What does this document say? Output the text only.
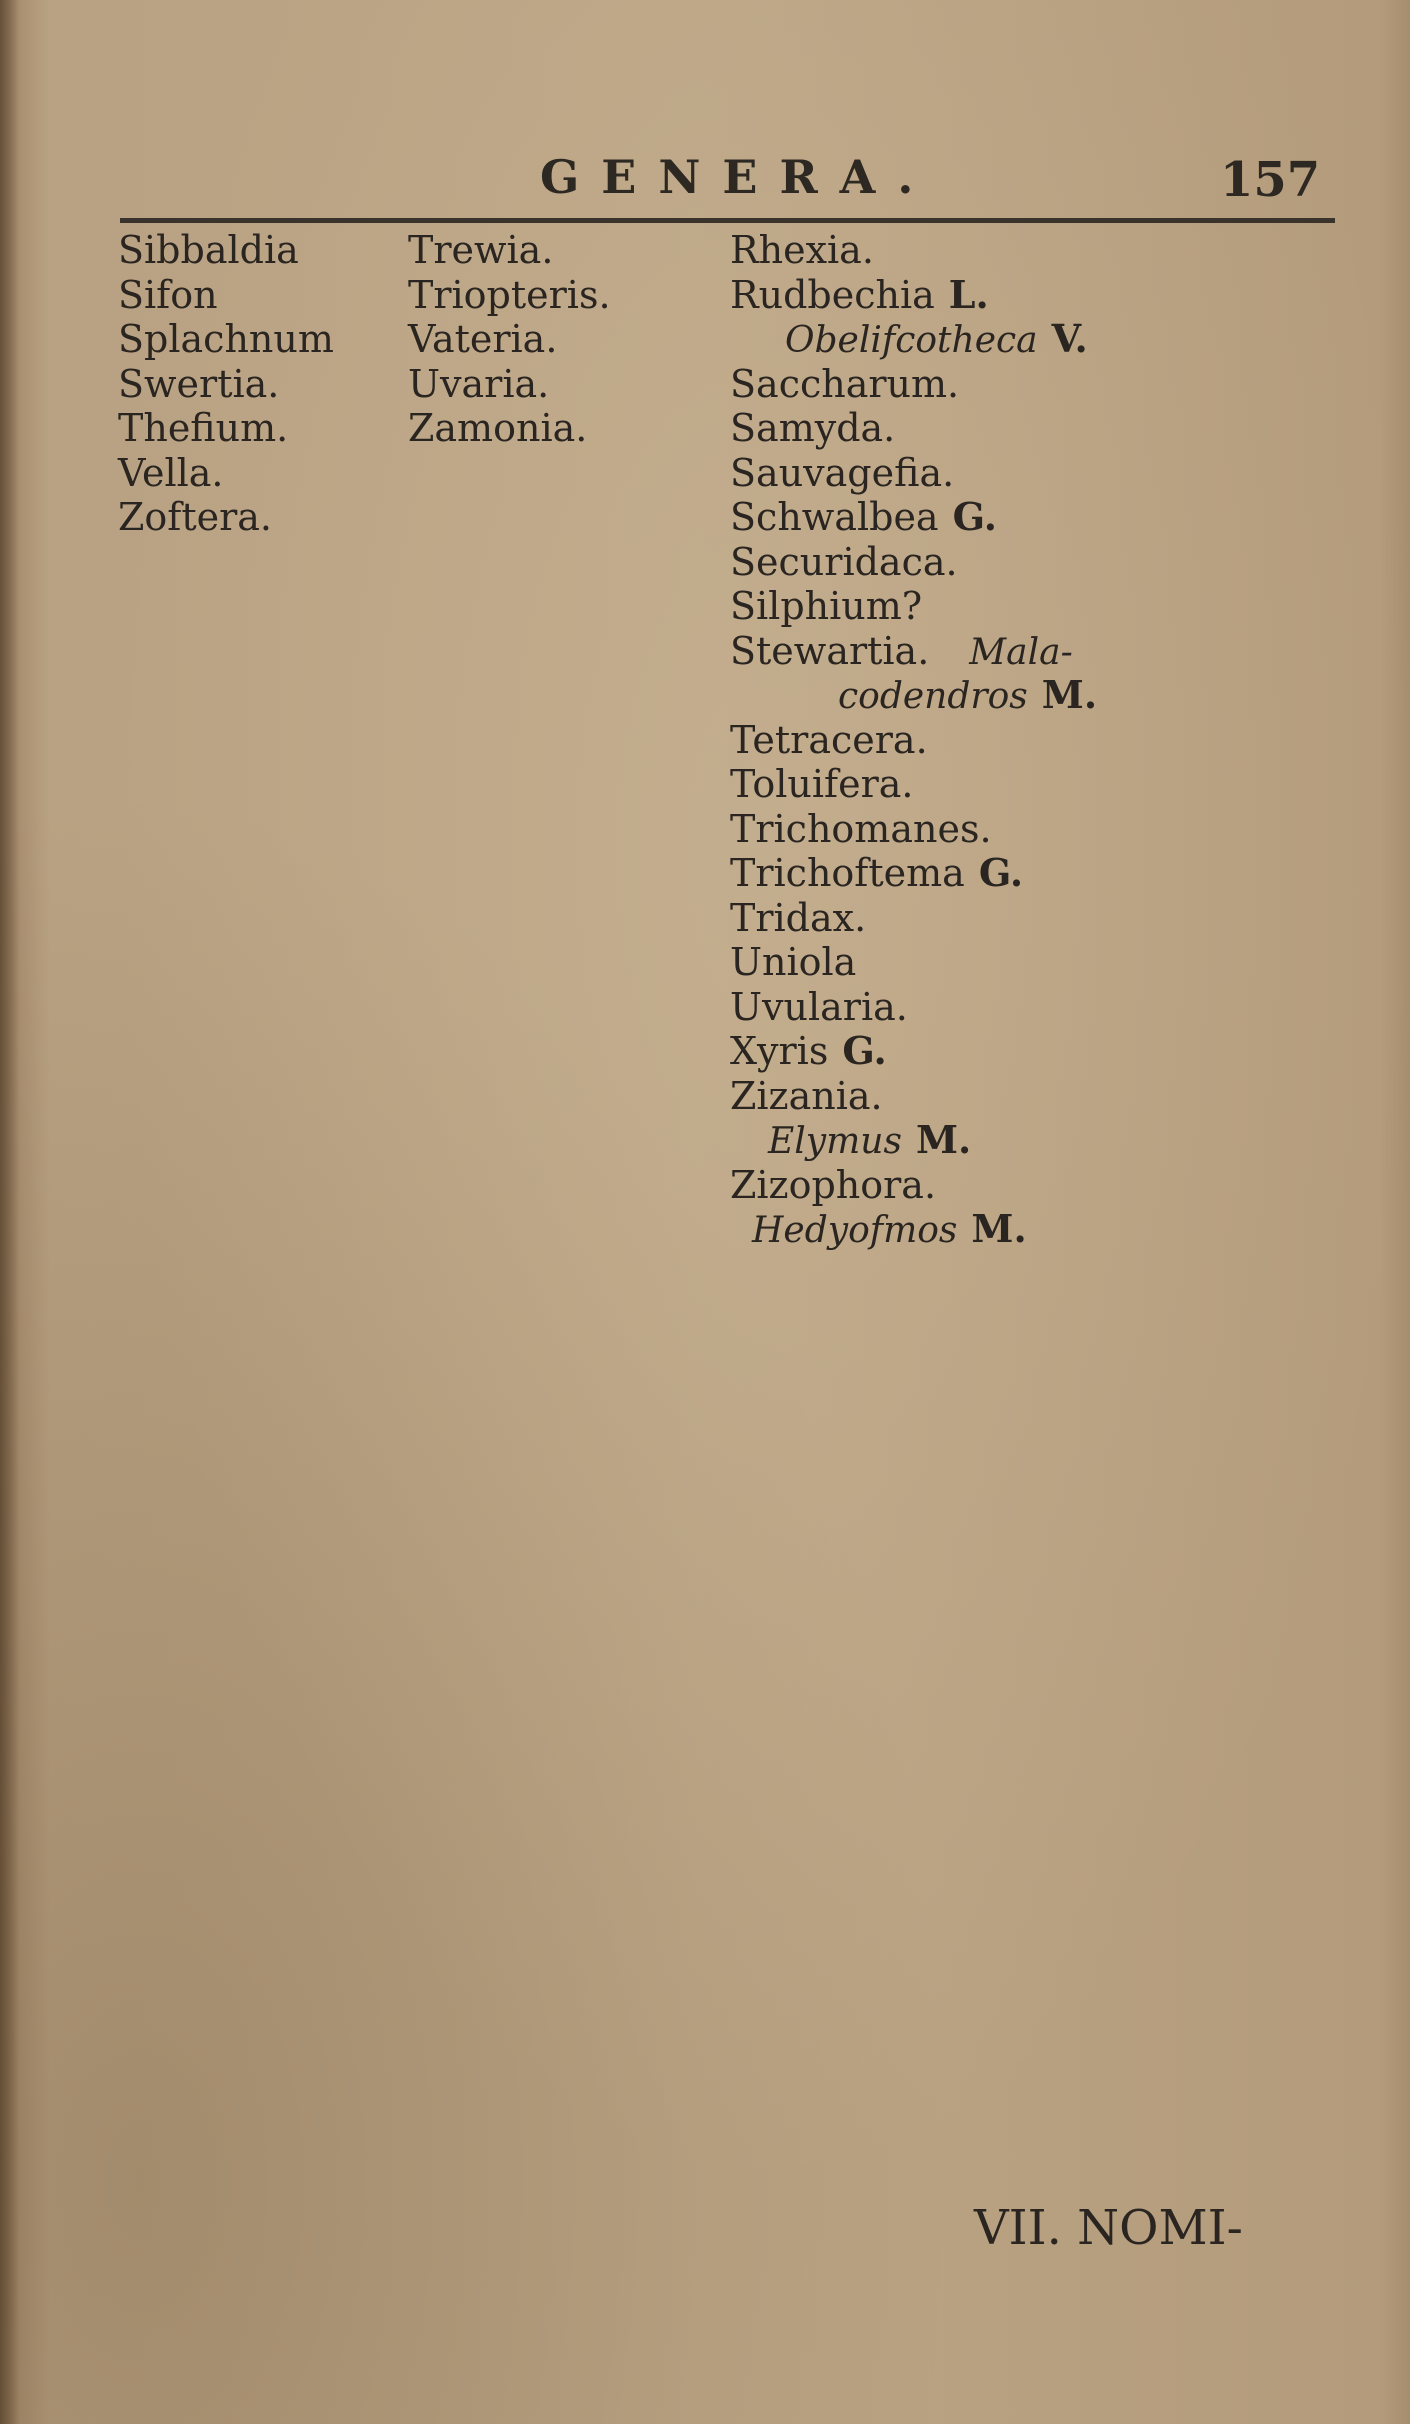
GENERA.	157
Sibbaldia
Sifon
Splachnum
Swertia.
Thefium.
Vella.
Zoftera.
Trewia.
Triopteris.
Vateria.
Uvaria.
Zamonia.
Rhexia.
Rudbechia L.
Obelifcotheca V.
Saccharum.
Samyda.
Sauvagefia.
Schwalbea G.
Securidaca.
Silphium?
Stewartia. Mala-
codendros M.
Tetracera.
Toluifera.
Trichomanes.
Trichoftema G.
Tridax.
Uniola
Uvularia.
Xyris G.
Zizania.
Elymus M.
Zizophora.
Hedyofmos M.
VII. NOMI-
